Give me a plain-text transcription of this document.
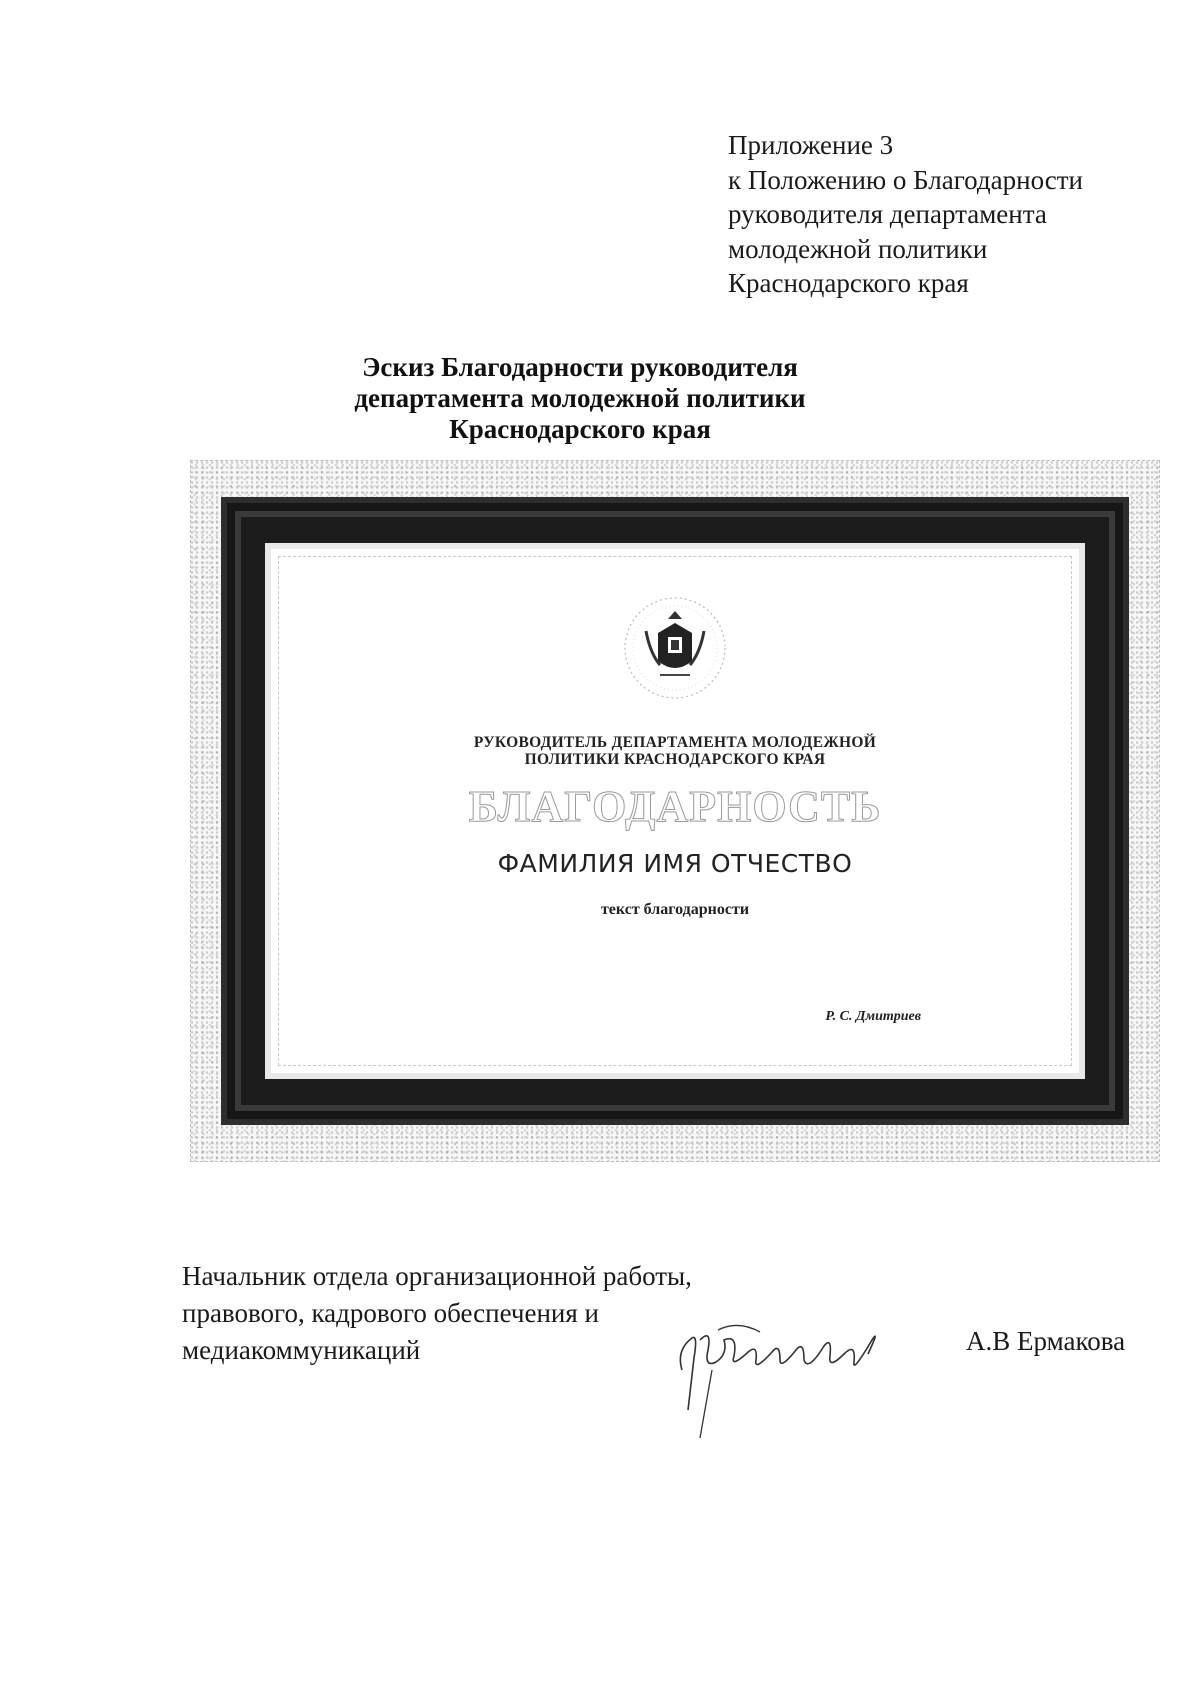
Приложение 3
к Положению о Благодарности
руководителя департамента
молодежной политики
Краснодарского края
Эскиз Благодарности руководителя
департамента молодежной политики
Краснодарского края
РУКОВОДИТЕЛЬ ДЕПАРТАМЕНТА МОЛОДЕЖНОЙ
ПОЛИТИКИ КРАСНОДАРСКОГО КРАЯ
БЛАГОДАРНОСТЬ
ФАМИЛИЯ ИМЯ ОТЧЕСТВО
текст благодарности
Р. С. Дмитриев
Начальник отдела организационной работы,
правового, кадрового обеспечения и
медиакоммуникаций	А.В Ермакова
